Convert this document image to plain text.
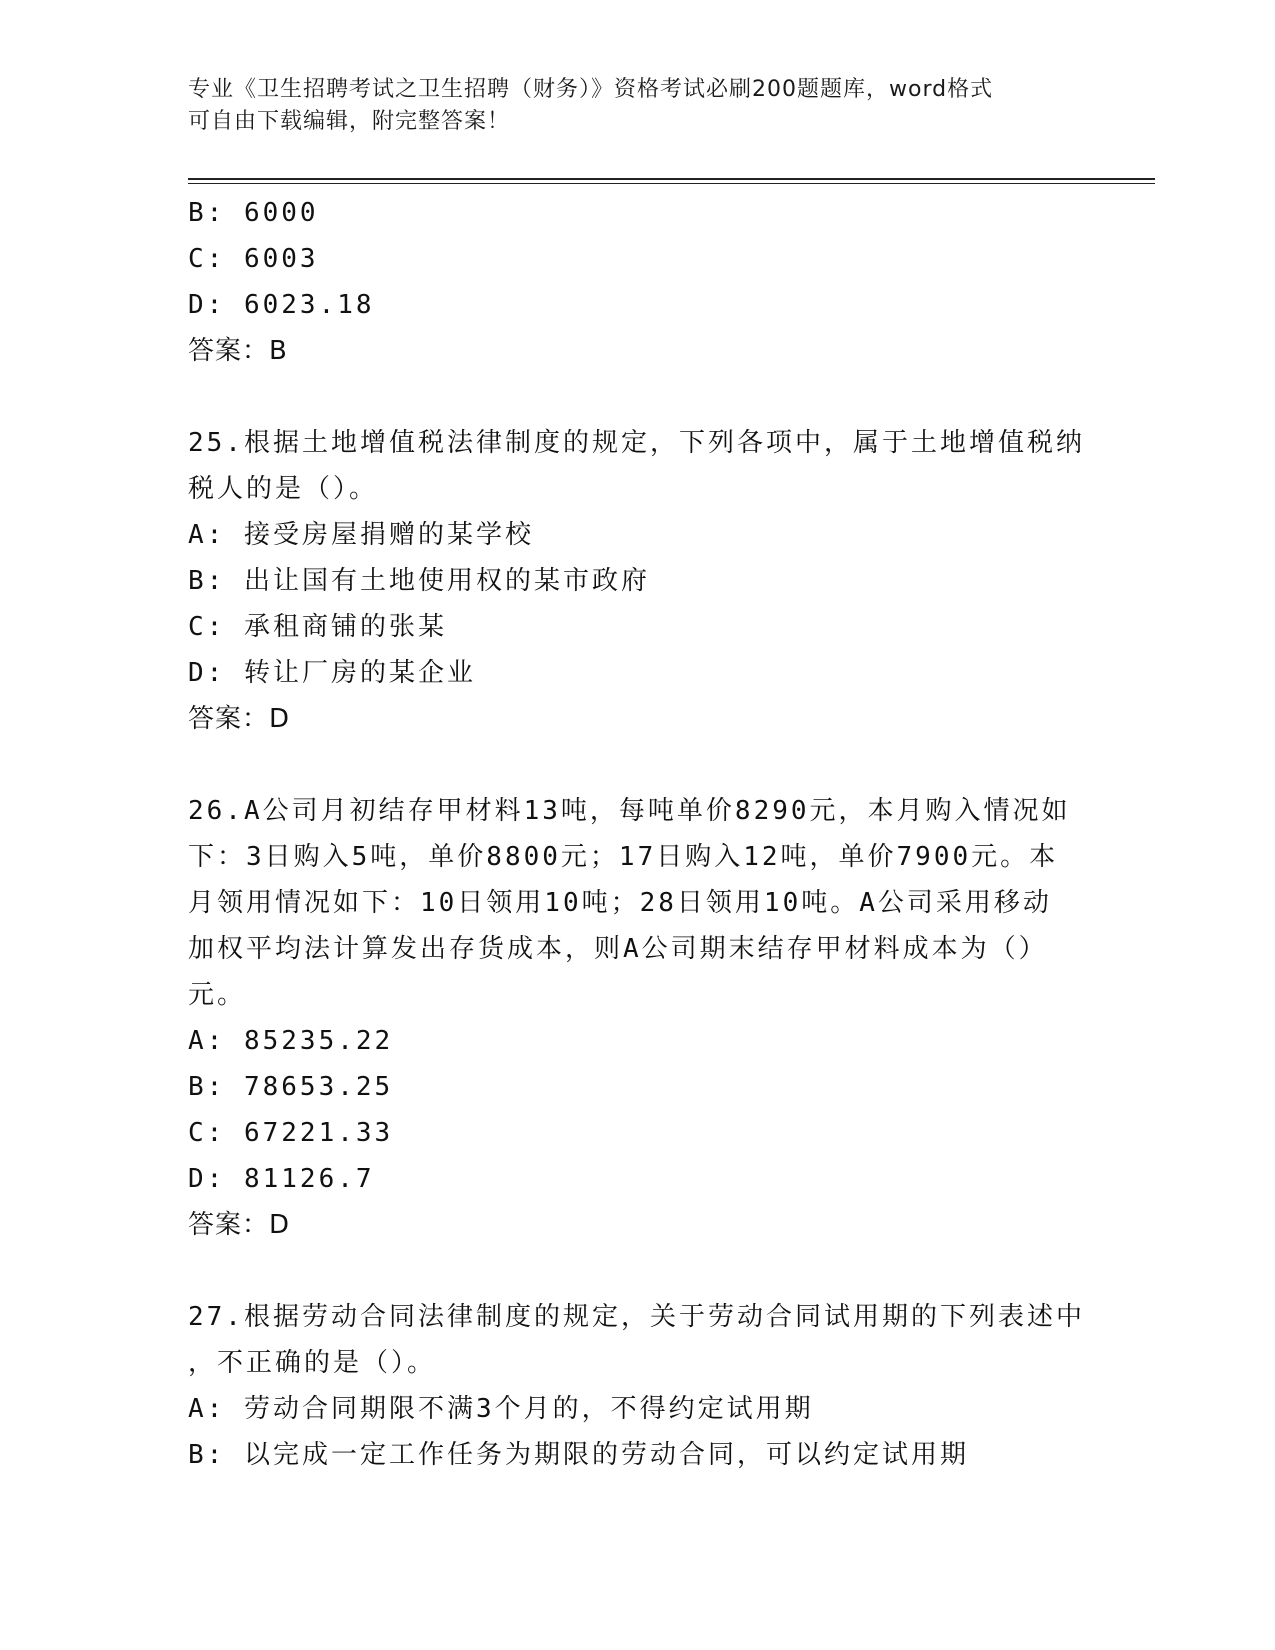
专业《卫生招聘考试之卫生招聘（财务）》资格考试必刷200题题库，word格式
可自由下载编辑，附完整答案！
B: 6000
C: 6003
D: 6023.18
答案：B
25.根据土地增值税法律制度的规定，下列各项中，属于土地增值税纳
税人的是（）。
A: 接受房屋捐赠的某学校
B: 出让国有土地使用权的某市政府
C: 承租商铺的张某
D: 转让厂房的某企业
答案：D
26.A公司月初结存甲材料13吨，每吨单价8290元，本月购入情况如
下：3日购入5吨，单价8800元；17日购入12吨，单价7900元。本
月领用情况如下：10日领用10吨；28日领用10吨。A公司采用移动
加权平均法计算发出存货成本，则A公司期末结存甲材料成本为（）
元。
A: 85235.22
B: 78653.25
C: 67221.33
D: 81126.7
答案：D
27.根据劳动合同法律制度的规定，关于劳动合同试用期的下列表述中
，不正确的是（）。
A: 劳动合同期限不满3个月的，不得约定试用期
B: 以完成一定工作任务为期限的劳动合同，可以约定试用期
